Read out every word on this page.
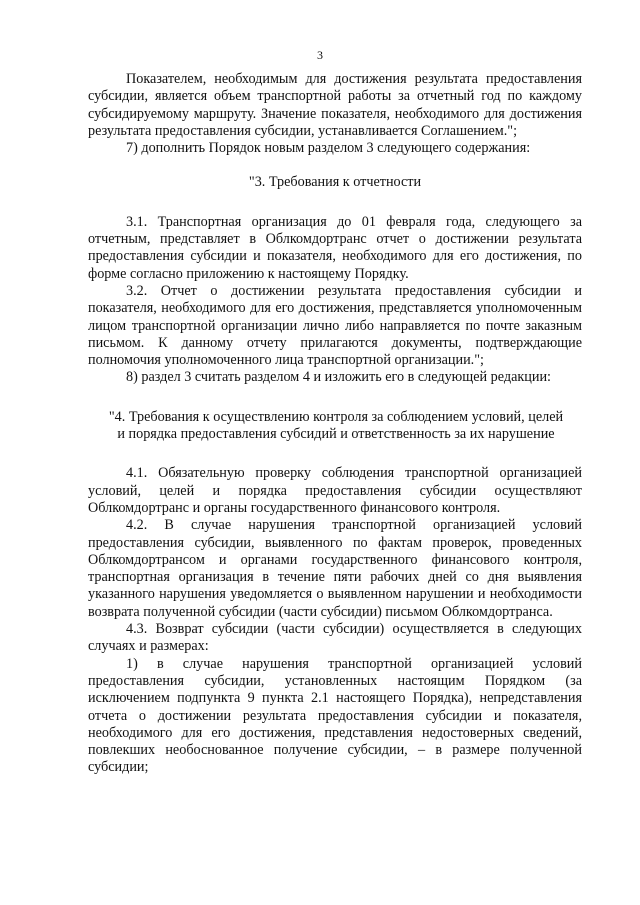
3

Показателем, необходимым для достижения результата предоставления субсидии, является объем транспортной работы за отчетный год по каждому субсидируемому маршруту. Значение показателя, необходимого для достижения результата предоставления субсидии, устанавливается Соглашением.";

7) дополнить Порядок новым разделом 3 следующего содержания:

"3. Требования к отчетности

3.1. Транспортная организация до 01 февраля года, следующего за отчетным, представляет в Облкомдортранс отчет о достижении результата предоставления субсидии и показателя, необходимого для его достижения, по форме согласно приложению к настоящему Порядку.

3.2. Отчет о достижении результата предоставления субсидии и показателя, необходимого для его достижения, представляется уполномоченным лицом транспортной организации лично либо направляется по почте заказным письмом. К данному отчету прилагаются документы, подтверждающие полномочия уполномоченного лица транспортной организации.";

8) раздел 3 считать разделом 4 и изложить его в следующей редакции:

"4. Требования к осуществлению контроля за соблюдением условий, целей
и порядка предоставления субсидий и ответственность за их нарушение

4.1. Обязательную проверку соблюдения транспортной организацией условий, целей и порядка предоставления субсидии осуществляют Облкомдортранс и органы государственного финансового контроля.

4.2. В случае нарушения транспортной организацией условий предоставления субсидии, выявленного по фактам проверок, проведенных Облкомдортрансом и органами государственного финансового контроля, транспортная организация в течение пяти рабочих дней со дня выявления указанного нарушения уведомляется о выявленном нарушении и необходимости возврата полученной субсидии (части субсидии) письмом Облкомдортранса.

4.3. Возврат субсидии (части субсидии) осуществляется в следующих случаях и размерах:

1) в случае нарушения транспортной организацией условий предоставления субсидии, установленных настоящим Порядком (за исключением подпункта 9 пункта 2.1 настоящего Порядка), непредставления отчета о достижении результата предоставления субсидии и показателя, необходимого для его достижения, представления недостоверных сведений, повлекших необоснованное получение субсидии, – в размере полученной субсидии;
